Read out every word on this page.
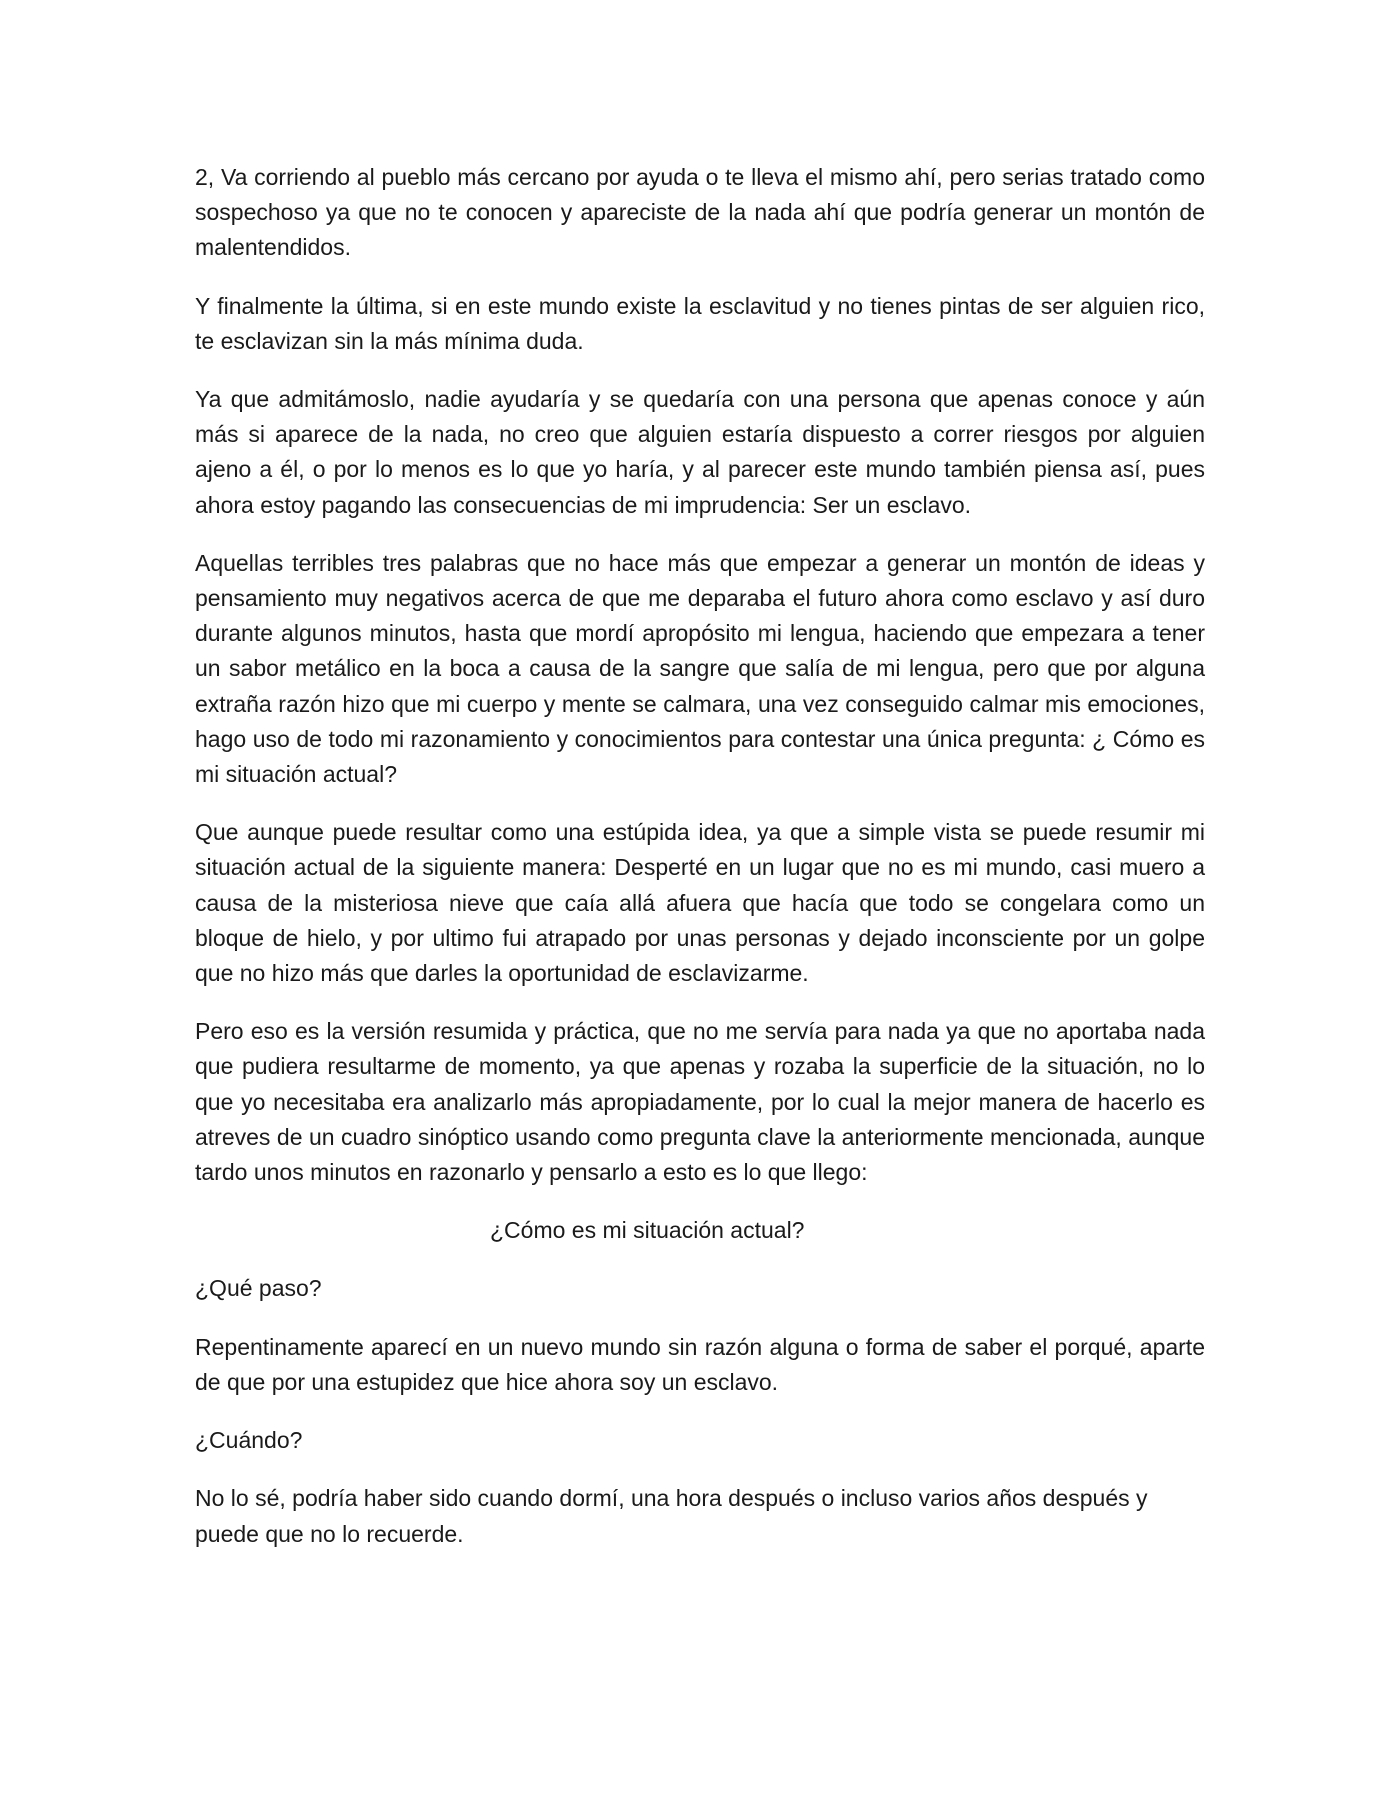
2, Va corriendo al pueblo más cercano por ayuda o te lleva el mismo ahí, pero serias tratado como sospechoso ya que no te conocen y apareciste de la nada ahí que podría generar un montón de malentendidos.

Y finalmente la última, si en este mundo existe la esclavitud y no tienes pintas de ser alguien rico, te esclavizan sin la más mínima duda.

Ya que admitámoslo, nadie ayudaría y se quedaría con una persona que apenas conoce y aún más si aparece de la nada, no creo que alguien estaría dispuesto a correr riesgos por alguien ajeno a él, o por lo menos es lo que yo haría, y al parecer este mundo también piensa así, pues ahora estoy pagando las consecuencias de mi imprudencia: Ser un esclavo.

Aquellas terribles tres palabras que no hace más que empezar a generar un montón de ideas y pensamiento muy negativos acerca de que me deparaba el futuro ahora como esclavo y así duro durante algunos minutos, hasta que mordí apropósito mi lengua, haciendo que empezara a tener un sabor metálico en la boca a causa de la sangre que salía de mi lengua, pero que por alguna extraña razón hizo que mi cuerpo y mente se calmara, una vez conseguido calmar mis emociones, hago uso de todo mi razonamiento y conocimientos para contestar una única pregunta: ¿ Cómo es mi situación actual?

Que aunque puede resultar como una estúpida idea, ya que a simple vista se puede resumir mi situación actual de la siguiente manera: Desperté en un lugar que no es mi mundo, casi muero a causa de la misteriosa nieve que caía allá afuera que hacía que todo se congelara como un bloque de hielo, y por ultimo fui atrapado por unas personas y dejado inconsciente por un golpe que no hizo más que darles la oportunidad de esclavizarme.

Pero eso es la versión resumida y práctica, que no me servía para nada ya que no aportaba nada que pudiera resultarme de momento, ya que apenas y rozaba la superficie de la situación, no lo que yo necesitaba era analizarlo más apropiadamente, por lo cual la mejor manera de hacerlo es atreves de un cuadro sinóptico usando como pregunta clave la anteriormente mencionada, aunque tardo unos minutos en razonarlo y pensarlo a esto es lo que llego:

¿Cómo es mi situación actual?

¿Qué paso?

Repentinamente aparecí en un nuevo mundo sin razón alguna o forma de saber el porqué, aparte de que por una estupidez que hice ahora soy un esclavo.

¿Cuándo?

No lo sé, podría haber sido cuando dormí, una hora después o incluso varios años después y puede que no lo recuerde.
